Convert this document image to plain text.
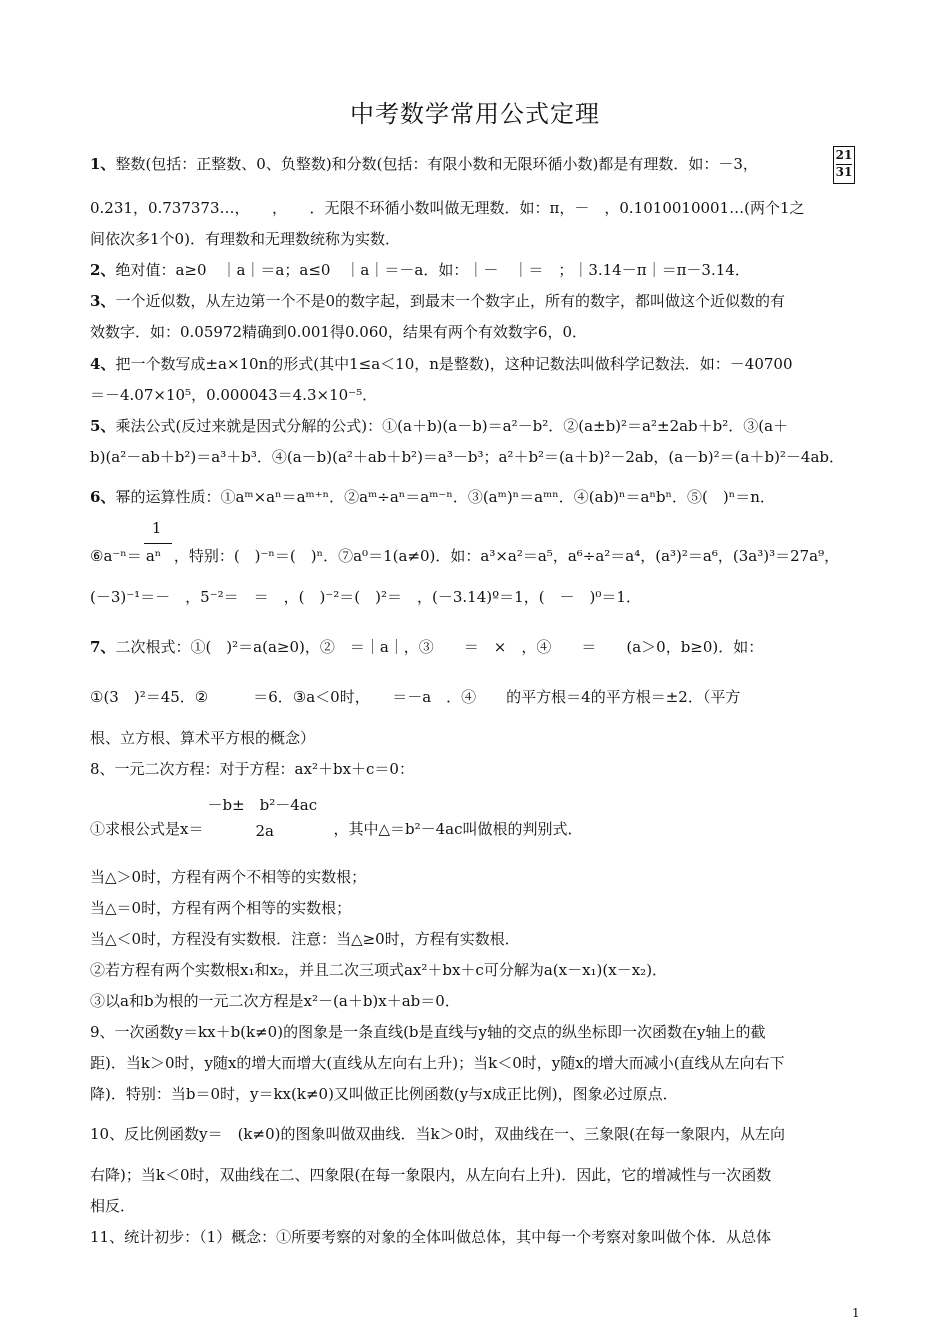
中考数学常用公式定理
21
31
1、整数(包括：正整数、0、负整数)和分数(包括：有限小数和无限环循小数)都是有理数．如：－3，
0.231，0.737373…，　　，　　．无限不环循小数叫做无理数．如：π，－　，0.1010010001…(两个1之
间依次多1个0)．有理数和无理数统称为实数．
2、绝对值：a≥0　｜a｜＝a；a≤0　｜a｜＝－a．如：｜－　｜＝　；｜3.14－π｜＝π－3.14．
3、一个近似数，从左边第一个不是0的数字起，到最末一个数字止，所有的数字，都叫做这个近似数的有
效数字．如：0.05972精确到0.001得0.060，结果有两个有效数字6，0．
4、把一个数写成±a×10n的形式(其中1≤a＜10，n是整数)，这种记数法叫做科学记数法．如：－40700
＝－4.07×10⁵，0.000043＝4.3×10⁻⁵．
5、乘法公式(反过来就是因式分解的公式)：①(a＋b)(a－b)＝a²－b²．②(a±b)²＝a²±2ab＋b²．③(a＋
b)(a²－ab＋b²)＝a³＋b³．④(a－b)(a²＋ab＋b²)＝a³－b³；a²＋b²＝(a＋b)²－2ab，(a－b)²＝(a＋b)²－4ab．
6、幂的运算性质：①aᵐ×aⁿ＝aᵐ⁺ⁿ．②aᵐ÷aⁿ＝aᵐ⁻ⁿ．③(aᵐ)ⁿ＝aᵐⁿ．④(ab)ⁿ＝aⁿbⁿ．⑤(　)ⁿ＝n．
⑥a⁻ⁿ＝ $\frac{1}{\text{aⁿ}}$ ，特别：(　)⁻ⁿ＝(　)ⁿ．⑦a⁰＝1(a≠0)．如：a³×a²＝a⁵，a⁶÷a²＝a⁴，(a³)²＝a⁶，(3a³)³＝27a⁹，
(－3)⁻¹＝－　，5⁻²＝　＝　，(　)⁻²＝(　)²＝　，(－3.14)º＝1，(　－　)⁰＝1．
7、二次根式：①(　)²＝a(a≥0)，②　＝｜a｜，③　　＝　×　，④　　＝　　(a＞0，b≥0)．如：
①(3　)²＝45．②　　　＝6．③a＜0时，　　＝－a　．④　　的平方根＝4的平方根＝±2．（平方
根、立方根、算术平方根的概念）
8、一元二次方程：对于方程：ax²＋bx＋c＝0：
①求根公式是$x= \frac{\text{－b±　b²－4ac}}{2a}$ ，其中△＝b²－4ac叫做根的判别式．
当△＞0时，方程有两个不相等的实数根；
当△＝0时，方程有两个相等的实数根；
当△＜0时，方程没有实数根．注意：当△≥0时，方程有实数根．
②若方程有两个实数根x₁和x₂，并且二次三项式ax²＋bx＋c可分解为a(x－x₁)(x－x₂)．
③以a和b为根的一元二次方程是x²－(a＋b)x＋ab＝0．
9、一次函数y＝kx＋b(k≠0)的图象是一条直线(b是直线与y轴的交点的纵坐标即一次函数在y轴上的截
距)．当k＞0时，y随x的增大而增大(直线从左向右上升)；当k＜0时，y随x的增大而减小(直线从左向右下
降)．特别：当b＝0时，y＝kx(k≠0)又叫做正比例函数(y与x成正比例)，图象必过原点．
10、反比例函数y＝　(k≠0)的图象叫做双曲线．当k＞0时，双曲线在一、三象限(在每一象限内，从左向
右降)；当k＜0时，双曲线在二、四象限(在每一象限内，从左向右上升)．因此，它的增减性与一次函数
相反．
11、统计初步：（1）概念：①所要考察的对象的全体叫做总体，其中每一个考察对象叫做个体．从总体
1
